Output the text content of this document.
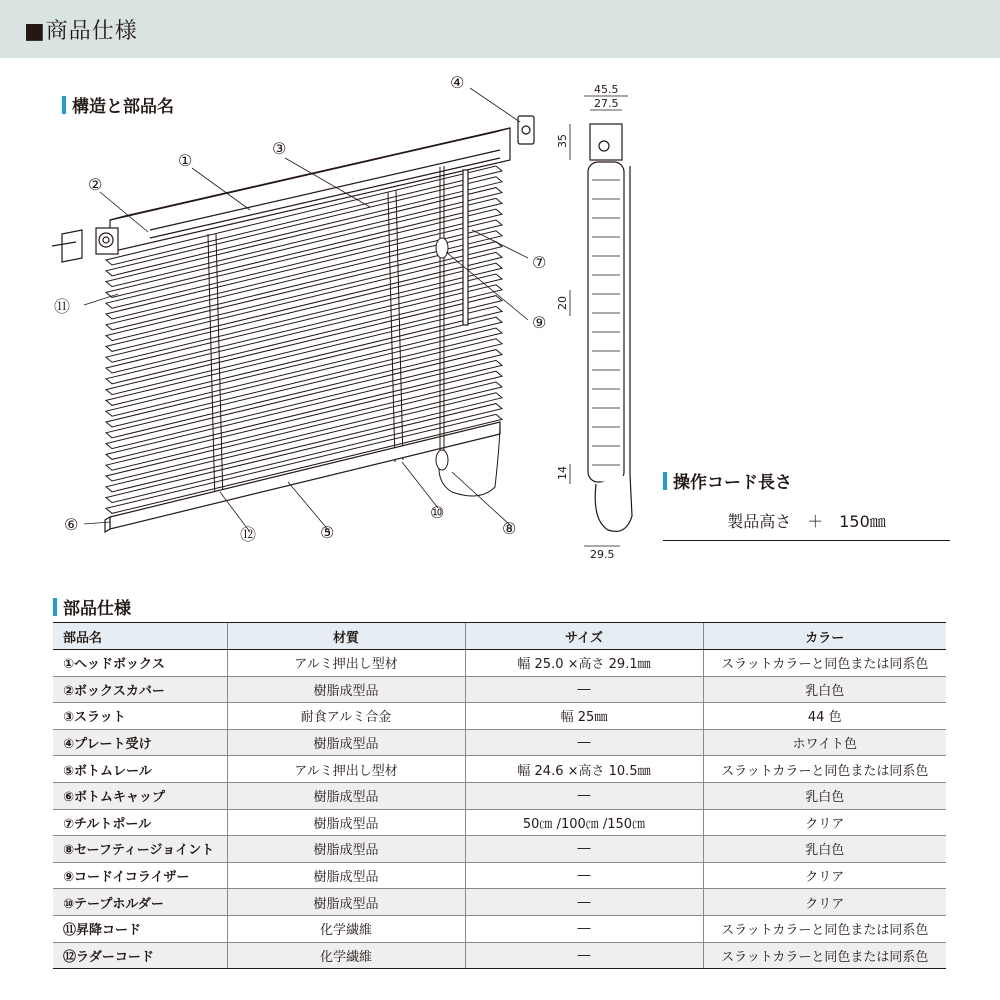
■商品仕様
構造と部品名
①
②
③
④
⑤
⑥
⑦
⑧
⑨
⑩
⑪
⑫
45.5
27.5
35
20
14
29.5
操作コード長さ
製品高さ　＋　150㎜
部品仕様
部品名	材質	サイズ	カラー
①ヘッドボックス	アルミ押出し型材	幅 25.0 ×高さ 29.1㎜	スラットカラーと同色または同系色
②ボックスカバー	樹脂成型品	―	乳白色
③スラット	耐食アルミ合金	幅 25㎜	44 色
④プレート受け	樹脂成型品	―	ホワイト色
⑤ボトムレール	アルミ押出し型材	幅 24.6 ×高さ 10.5㎜	スラットカラーと同色または同系色
⑥ボトムキャップ	樹脂成型品	―	乳白色
⑦チルトポール	樹脂成型品	50㎝ /100㎝ /150㎝	クリア
⑧セーフティージョイント	樹脂成型品	―	乳白色
⑨コードイコライザー	樹脂成型品	―	クリア
⑩テープホルダー	樹脂成型品	―	クリア
⑪昇降コード	化学繊維	―	スラットカラーと同色または同系色
⑫ラダーコード	化学繊維	―	スラットカラーと同色または同系色
